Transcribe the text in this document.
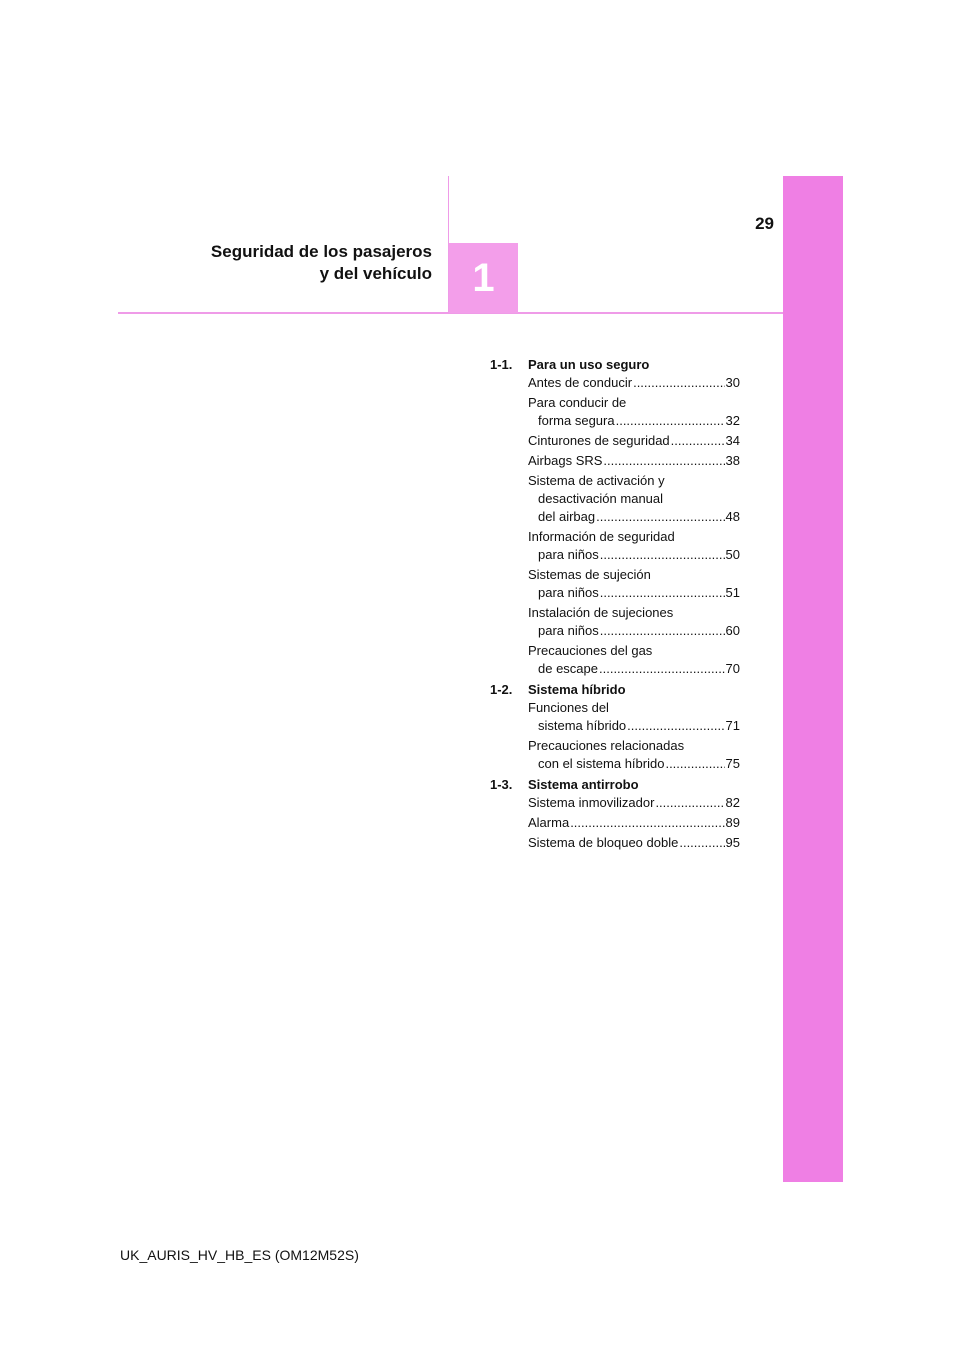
1
29
Seguridad de los pasajeros
y del vehículo
1-1. Para un uso seguro
Antes de conducir .....	30
Para conducir de
forma segura .....	32
Cinturones de seguridad .....	34
Airbags SRS .....	38
Sistema de activación y
desactivación manual
del airbag .....	48
Información de seguridad
para niños .....	50
Sistemas de sujeción
para niños .....	51
Instalación de sujeciones
para niños .....	60
Precauciones del gas
de escape .....	70
1-2. Sistema híbrido
Funciones del
sistema híbrido .....	71
Precauciones relacionadas
con el sistema híbrido .....	75
1-3. Sistema antirrobo
Sistema inmovilizador .....	82
Alarma .....	89
Sistema de bloqueo doble .....	95
UK_AURIS_HV_HB_ES (OM12M52S)
